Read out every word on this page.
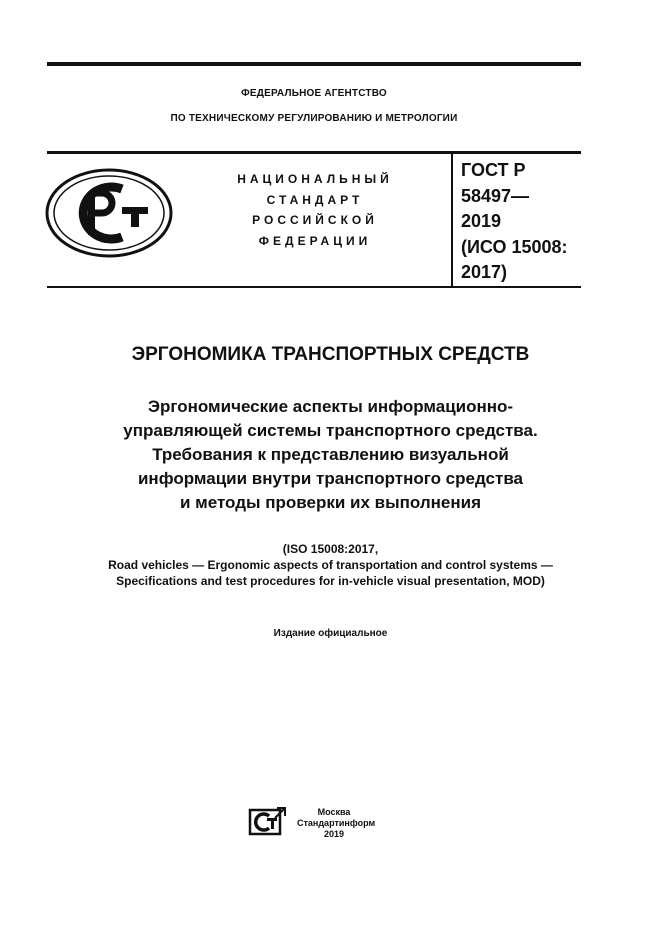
ФЕДЕРАЛЬНОЕ АГЕНТСТВО
ПО ТЕХНИЧЕСКОМУ РЕГУЛИРОВАНИЮ И МЕТРОЛОГИИ
НАЦИОНАЛЬНЫЙ
СТАНДАРТ
РОССИЙСКОЙ
ФЕДЕРАЦИИ
ГОСТ Р
58497—
2019
(ИСО 15008:
2017)
ЭРГОНОМИКА ТРАНСПОРТНЫХ СРЕДСТВ
Эргономические аспекты информационно-
управляющей системы транспортного средства.
Требования к представлению визуальной
информации внутри транспортного средства
и методы проверки их выполнения
(ISO 15008:2017,
Road vehicles — Ergonomic aspects of transportation and control systems —
Specifications and test procedures for in-vehicle visual presentation, MOD)
Издание официальное
Москва
Стандартинформ
2019
